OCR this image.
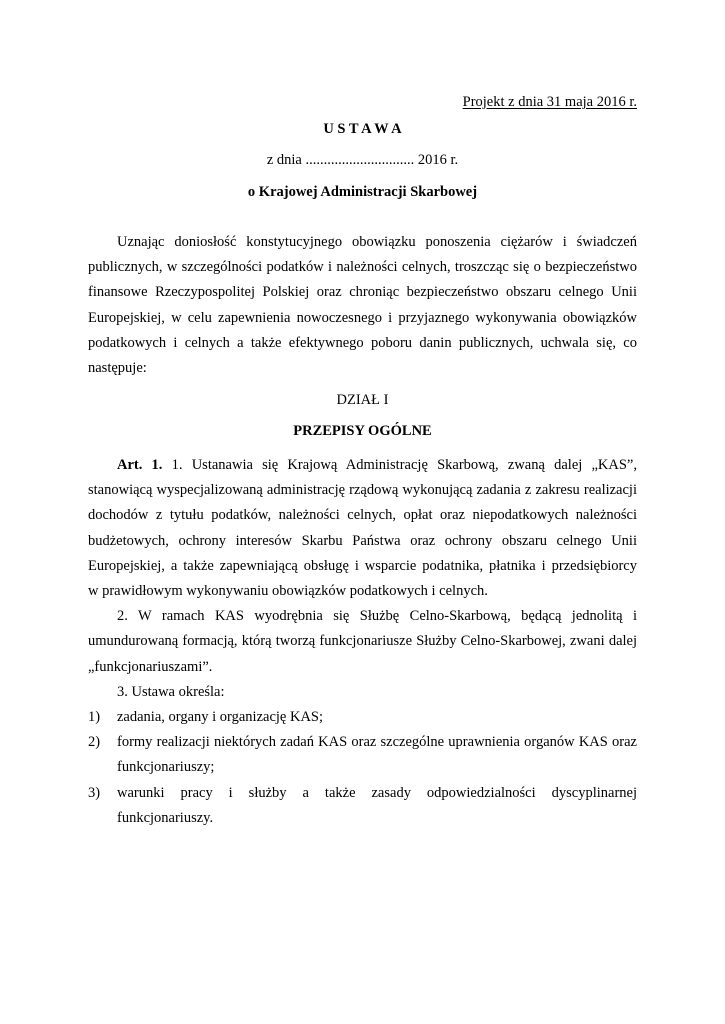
Projekt z dnia 31 maja 2016 r.
U S T A W A
z dnia .............................. 2016 r.
o Krajowej Administracji Skarbowej
Uznając doniosłość konstytucyjnego obowiązku ponoszenia ciężarów i świadczeń
publicznych, w szczególności podatków i należności celnych, troszcząc się o bezpieczeństwo
finansowe Rzeczypospolitej Polskiej oraz chroniąc bezpieczeństwo obszaru celnego Unii
Europejskiej, w celu zapewnienia nowoczesnego i przyjaznego wykonywania obowiązków
podatkowych i celnych a także efektywnego poboru danin publicznych, uchwala się, co
następuje:
DZIAŁ I
PRZEPISY OGÓLNE
Art. 1. 1. Ustanawia się Krajową Administrację Skarbową, zwaną dalej „KAS”,
stanowiącą wyspecjalizowaną administrację rządową wykonującą zadania z zakresu realizacji
dochodów z tytułu podatków, należności celnych, opłat oraz niepodatkowych należności
budżetowych, ochrony interesów Skarbu Państwa oraz ochrony obszaru celnego Unii
Europejskiej, a także zapewniającą obsługę i wsparcie podatnika, płatnika i przedsiębiorcy
w prawidłowym wykonywaniu obowiązków podatkowych i celnych.
2. W ramach KAS wyodrębnia się Służbę Celno-Skarbową, będącą jednolitą i
umundurowaną formacją, którą tworzą funkcjonariusze Służby Celno-Skarbowej, zwani dalej
„funkcjonariuszami”.
3. Ustawa określa:
1) zadania, organy i organizację KAS;
2) formy realizacji niektórych zadań KAS oraz szczególne uprawnienia organów KAS oraz
funkcjonariuszy;
3) warunki pracy i służby a także zasady odpowiedzialności dyscyplinarnej
funkcjonariuszy.
